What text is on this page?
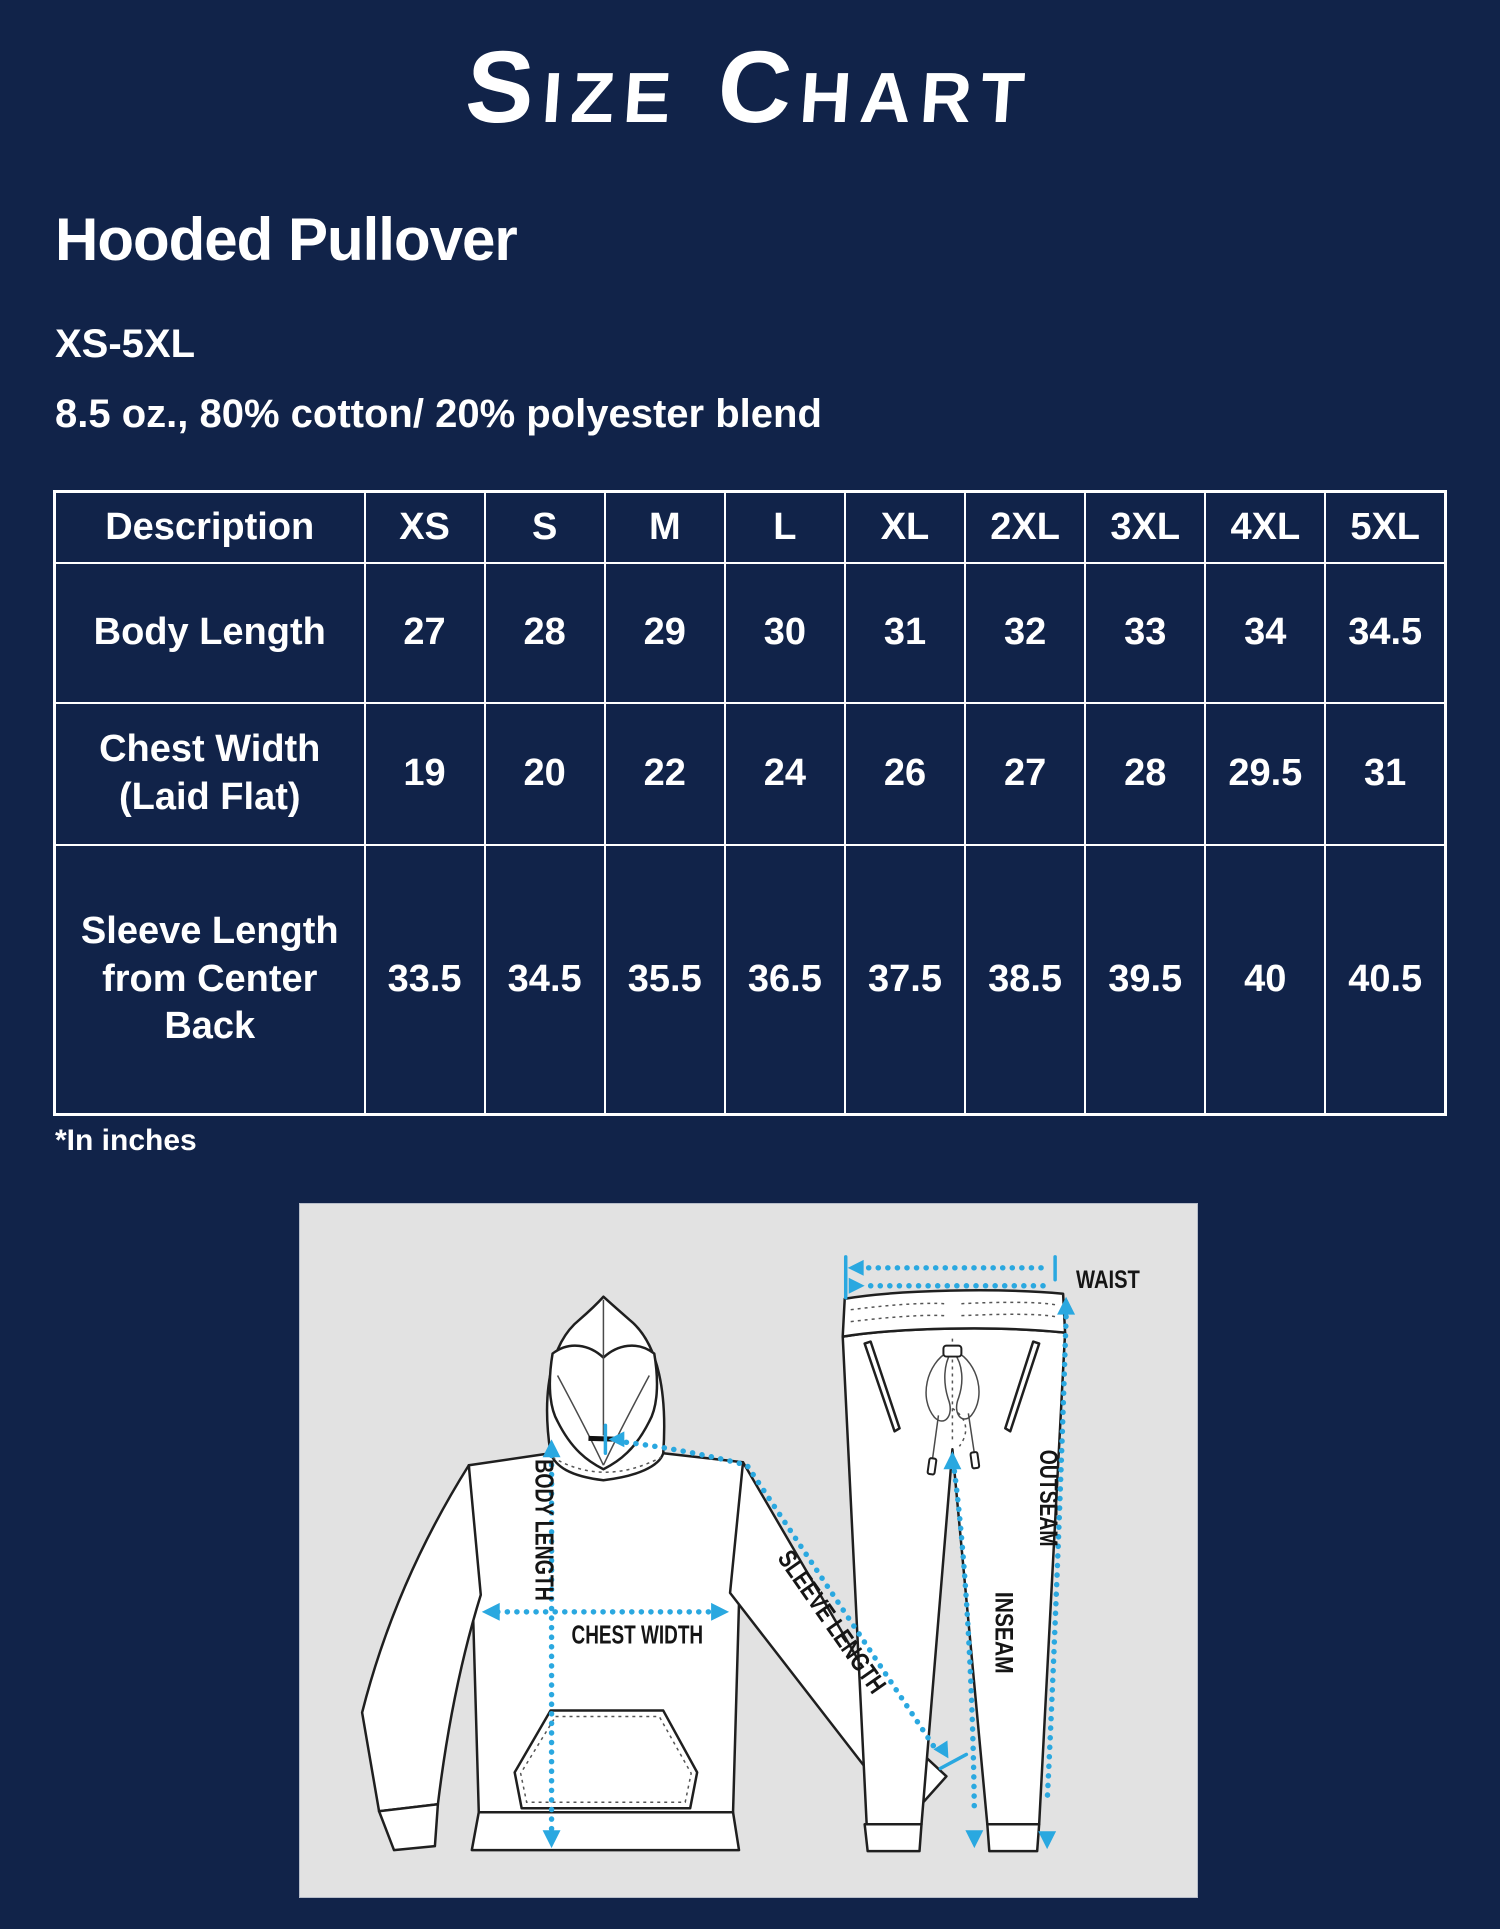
Size Chart
Hooded Pullover
XS-5XL
8.5 oz., 80% cotton/ 20% polyester blend
Description	XS	S	M	L	XL	2XL	3XL	4XL	5XL
Body Length	27	28	29	30	31	32	33	34	34.5
Chest Width (Laid Flat)	19	20	22	24	26	27	28	29.5	31
Sleeve Length from Center Back	33.5	34.5	35.5	36.5	37.5	38.5	39.5	40	40.5
*In inches
BODY LENGTH CHEST WIDTH	SLEEVE LENGTH
WAIST
OUTSEAM
INSEAM
